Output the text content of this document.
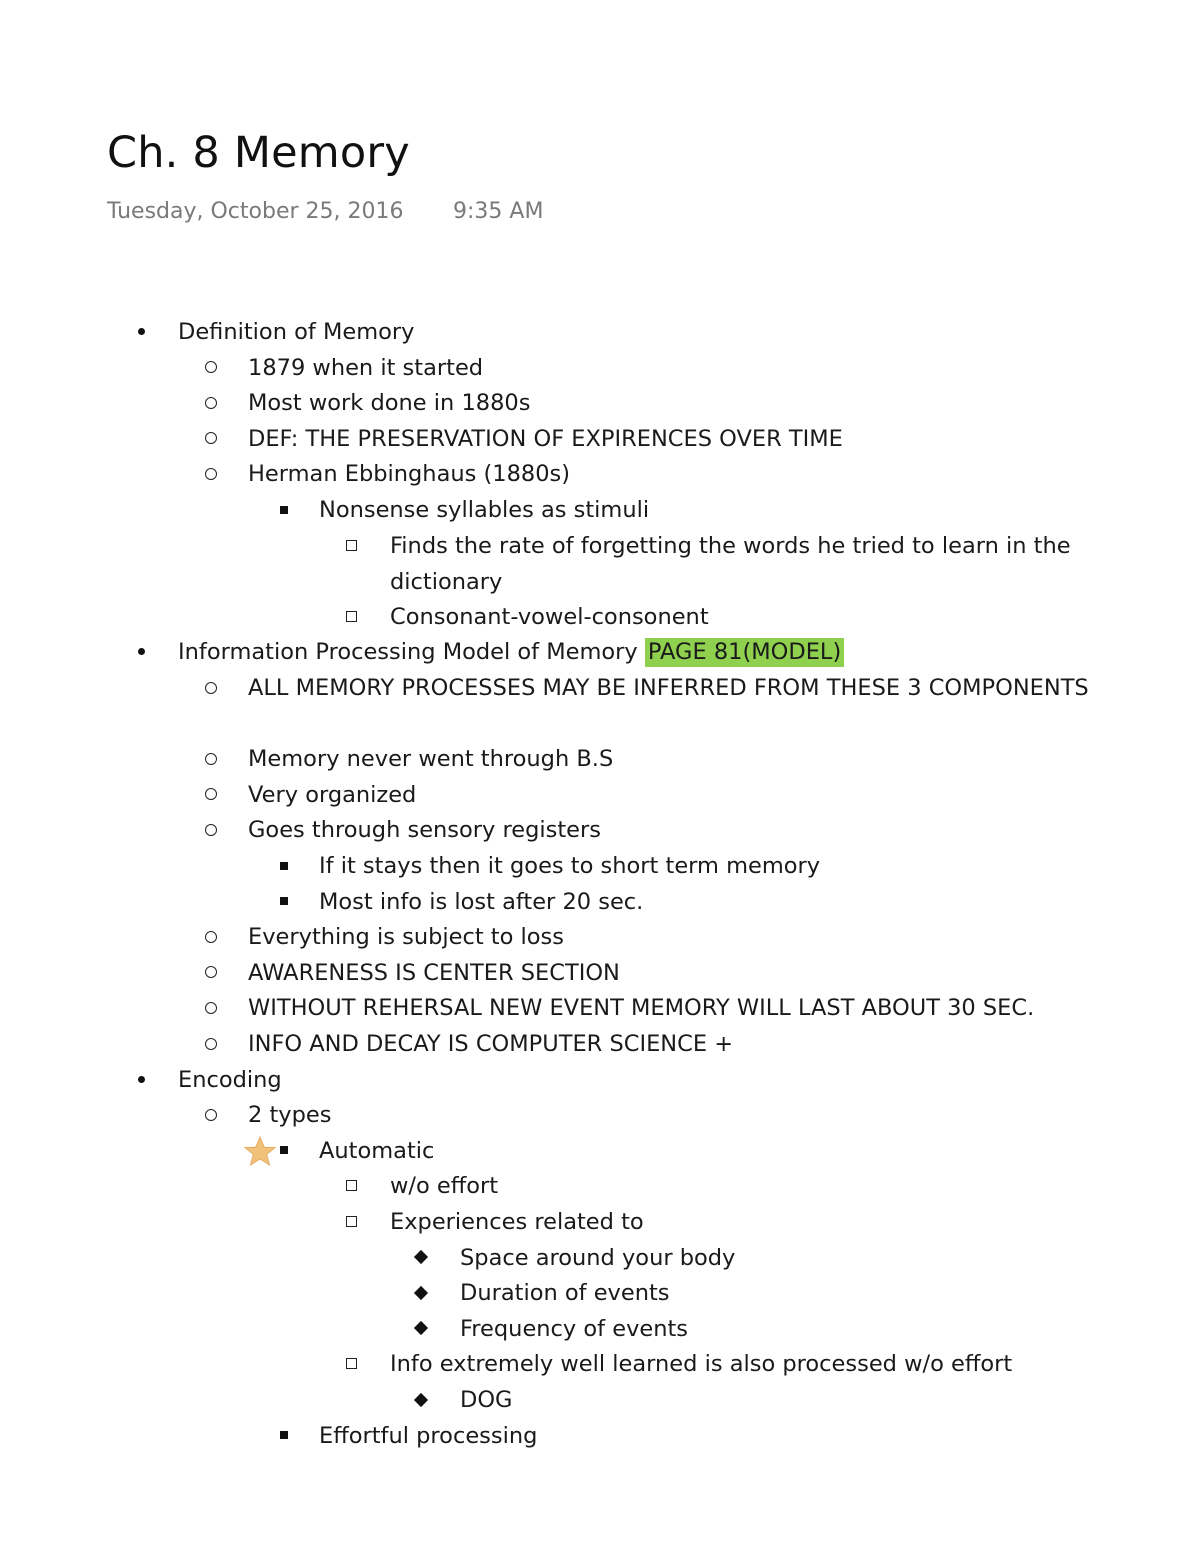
Ch. 8 Memory
Tuesday, October 25, 2016 9:35 AM
Definition of Memory
1879 when it started
Most work done in 1880s
DEF: THE PRESERVATION OF EXPIRENCES OVER TIME
Herman Ebbinghaus (1880s)
Nonsense syllables as stimuli
Finds the rate of forgetting the words he tried to learn in the dictionary
Consonant-vowel-consonent
Information Processing Model of Memory PAGE 81(MODEL)
ALL MEMORY PROCESSES MAY BE INFERRED FROM THESE 3 COMPONENTS
Memory never went through B.S
Very organized
Goes through sensory registers
If it stays then it goes to short term memory
Most info is lost after 20 sec.
Everything is subject to loss
AWARENESS IS CENTER SECTION
WITHOUT REHERSAL NEW EVENT MEMORY WILL LAST ABOUT 30 SEC.
INFO AND DECAY IS COMPUTER SCIENCE +
Encoding
2 types
Automatic
w/o effort
Experiences related to
Space around your body
Duration of events
Frequency of events
Info extremely well learned is also processed w/o effort
DOG
Effortful processing
